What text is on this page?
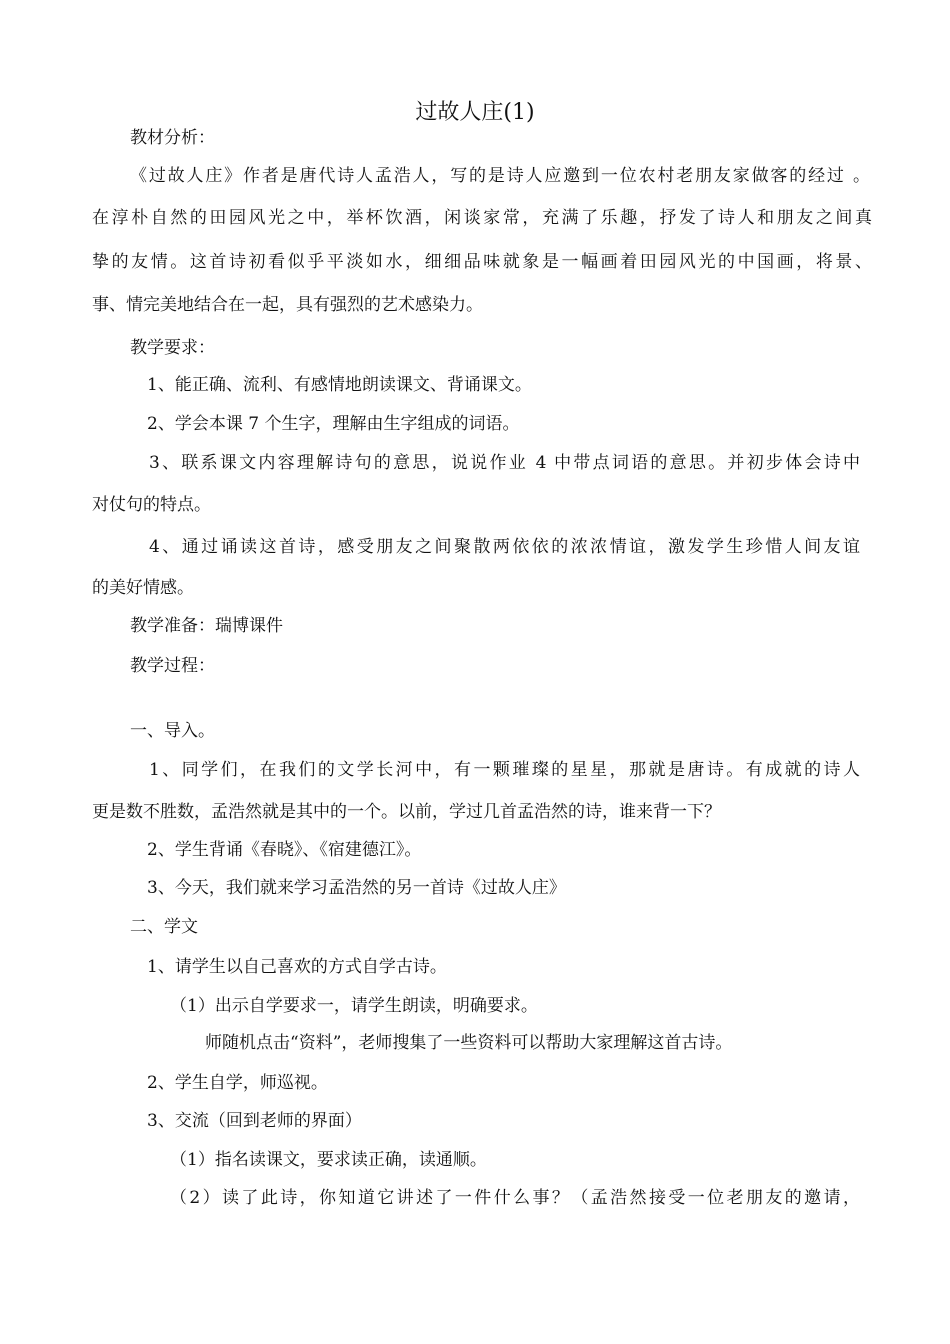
过故人庄(1)
教材分析：
《过故人庄》作者是唐代诗人孟浩人，写的是诗人应邀到一位农村老朋友家做客的经过 。
在淳朴自然的田园风光之中，举杯饮酒，闲谈家常，充满了乐趣，抒发了诗人和朋友之间真
挚的友情。这首诗初看似乎平淡如水，细细品味就象是一幅画着田园风光的中国画，将景、
事、情完美地结合在一起，具有强烈的艺术感染力。
教学要求：
1、能正确、流利、有感情地朗读课文、背诵课文。
2、学会本课 7 个生字，理解由生字组成的词语。
3、联系课文内容理解诗句的意思，说说作业 4 中带点词语的意思。并初步体会诗中
对仗句的特点。
4、通过诵读这首诗，感受朋友之间聚散两依依的浓浓情谊，激发学生珍惜人间友谊
的美好情感。
教学准备：瑞博课件
教学过程：
一、导入。
1、同学们，在我们的文学长河中，有一颗璀璨的星星，那就是唐诗。有成就的诗人
更是数不胜数，孟浩然就是其中的一个。以前，学过几首孟浩然的诗，谁来背一下？
2、学生背诵《春晓》、《宿建德江》。
3、今天，我们就来学习孟浩然的另一首诗《过故人庄》
二、学文
1、请学生以自己喜欢的方式自学古诗。
（1）出示自学要求一，请学生朗读，明确要求。
师随机点击“资料”，老师搜集了一些资料可以帮助大家理解这首古诗。
2、学生自学，师巡视。
3、交流（回到老师的界面）
（1）指名读课文，要求读正确，读通顺。
（2）读了此诗，你知道它讲述了一件什么事？（孟浩然接受一位老朋友的邀请，
